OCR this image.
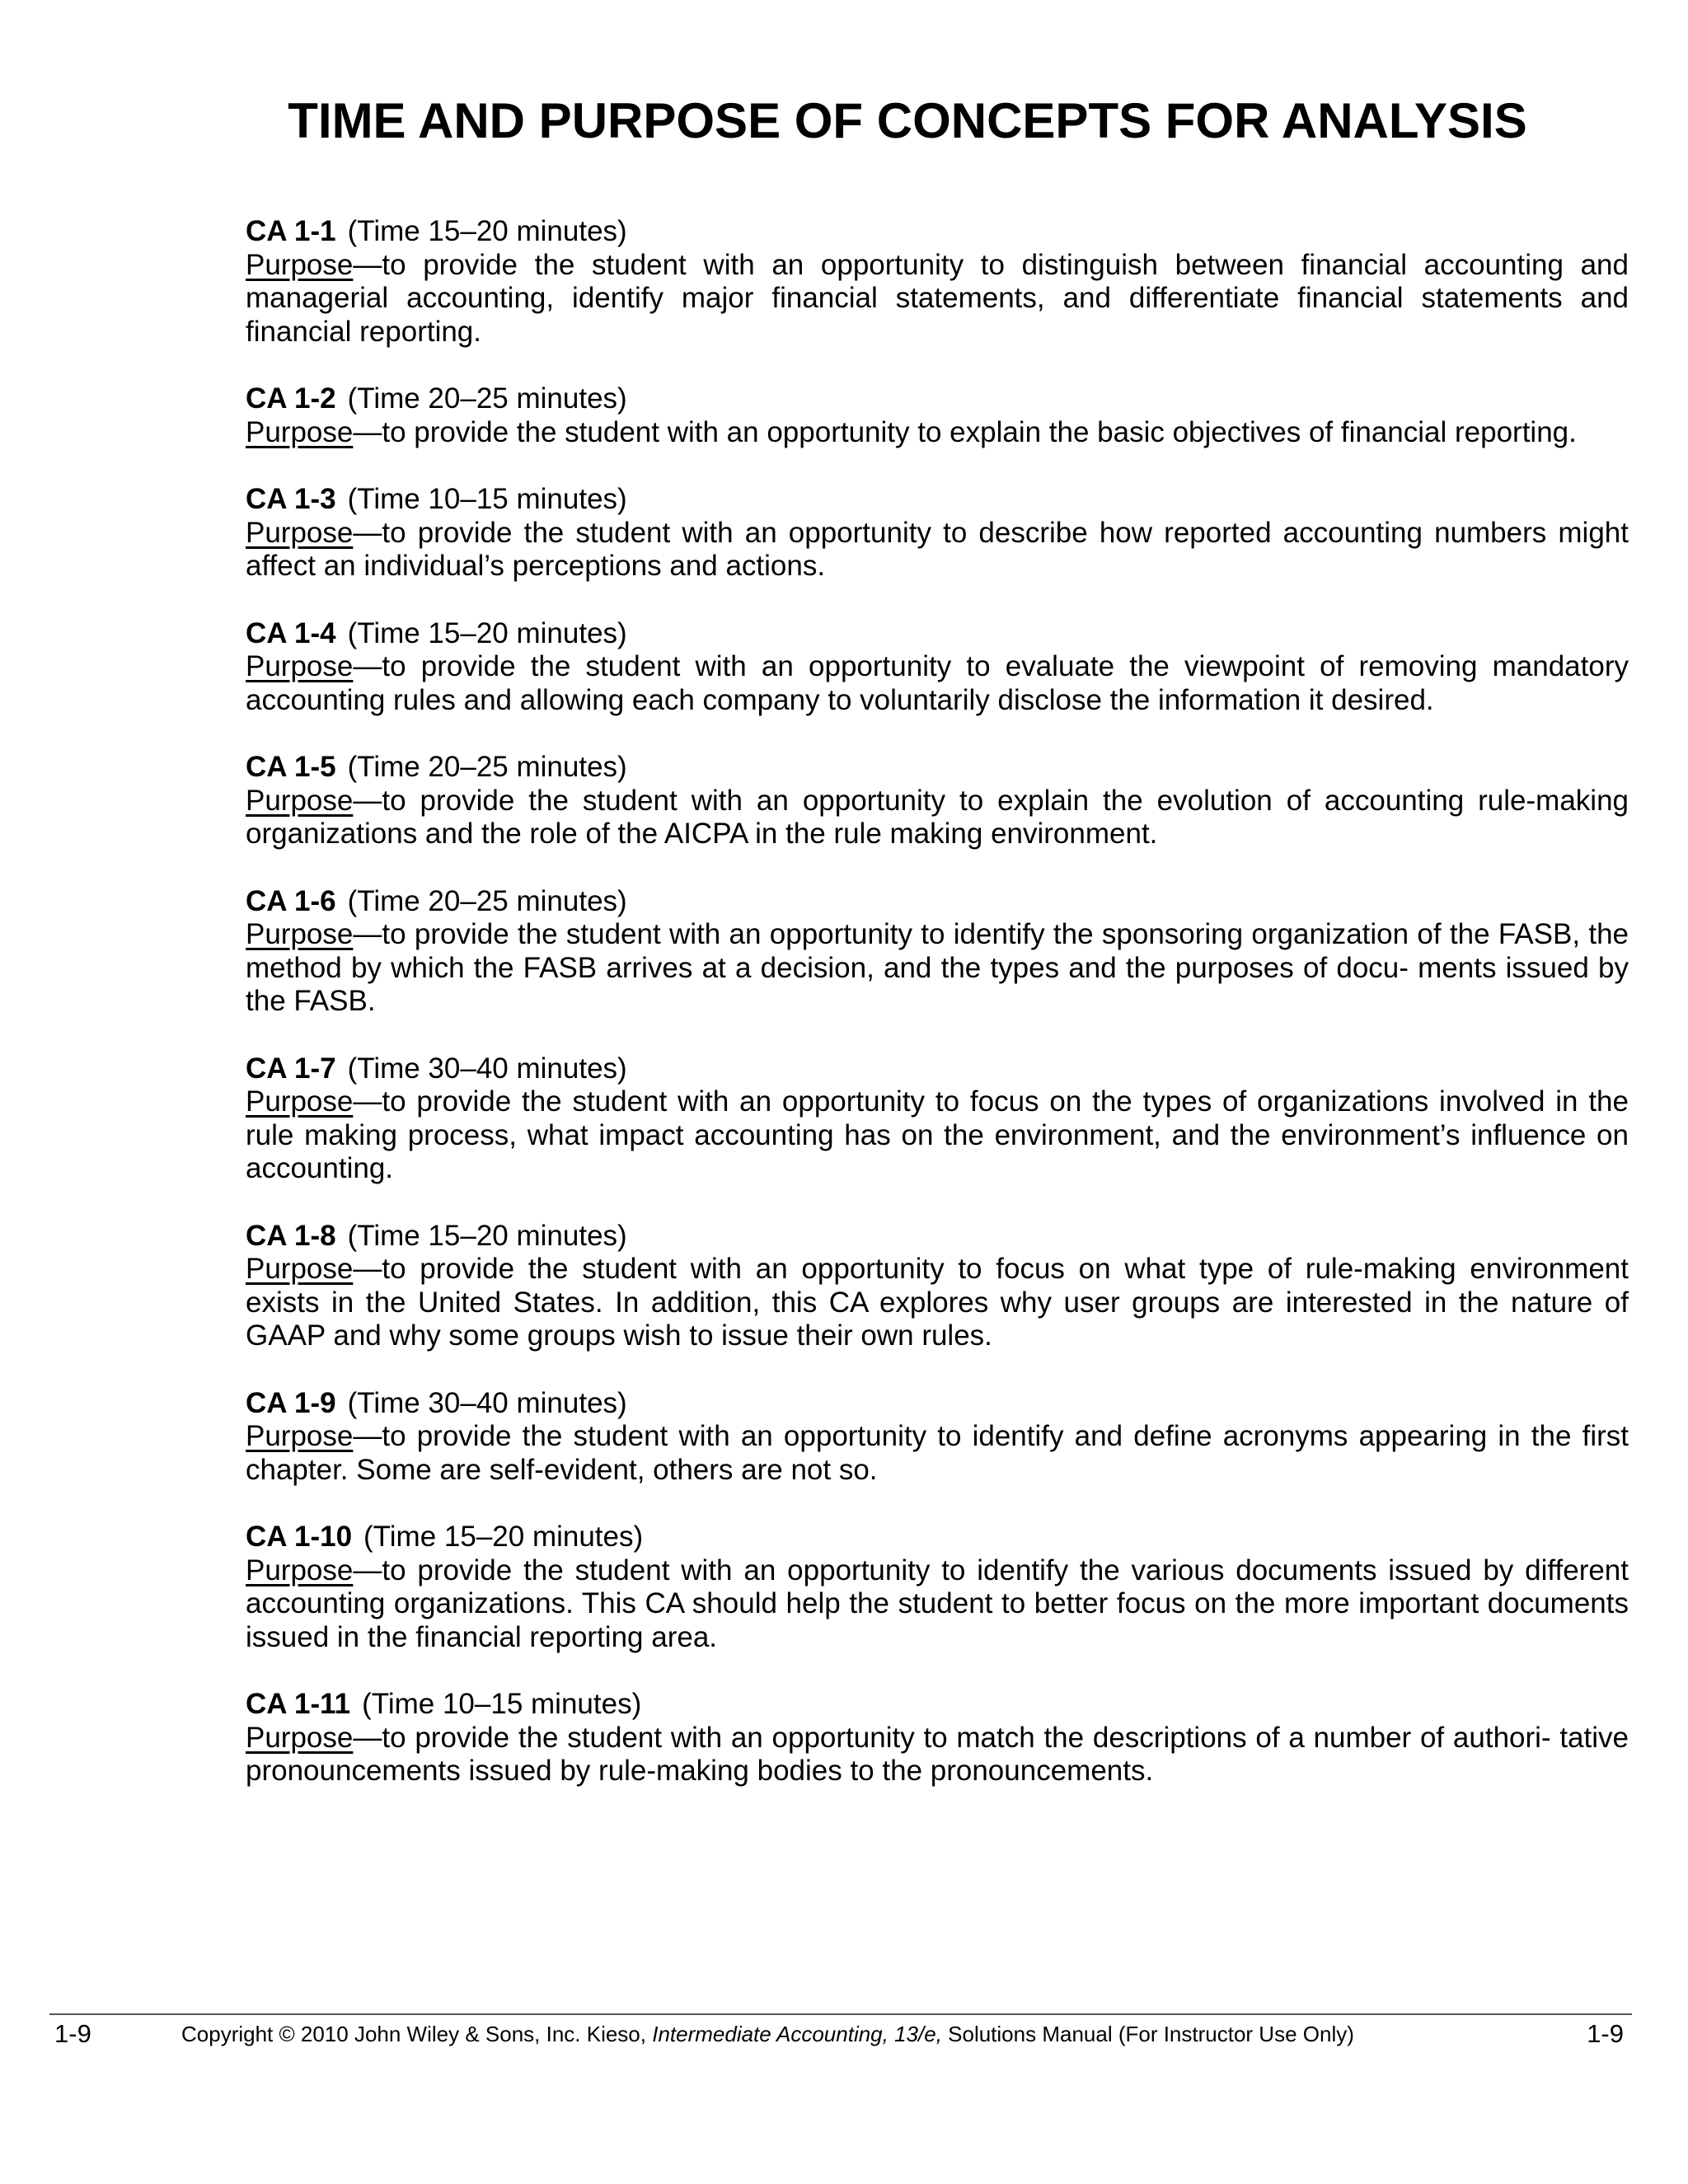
TIME AND PURPOSE OF CONCEPTS FOR ANALYSIS
CA 1-1 (Time 15–20 minutes)
Purpose—to provide the student with an opportunity to distinguish between financial accounting and managerial accounting, identify major financial statements, and differentiate financial statements and financial reporting.
CA 1-2 (Time 20–25 minutes)
Purpose—to provide the student with an opportunity to explain the basic objectives of financial reporting.
CA 1-3 (Time 10–15 minutes)
Purpose—to provide the student with an opportunity to describe how reported accounting numbers might affect an individual’s perceptions and actions.
CA 1-4 (Time 15–20 minutes)
Purpose—to provide the student with an opportunity to evaluate the viewpoint of removing mandatory accounting rules and allowing each company to voluntarily disclose the information it desired.
CA 1-5 (Time 20–25 minutes)
Purpose—to provide the student with an opportunity to explain the evolution of accounting rule-making organizations and the role of the AICPA in the rule making environment.
CA 1-6 (Time 20–25 minutes)
Purpose—to provide the student with an opportunity to identify the sponsoring organization of the FASB, the method by which the FASB arrives at a decision, and the types and the purposes of docu- ments issued by the FASB.
CA 1-7 (Time 30–40 minutes)
Purpose—to provide the student with an opportunity to focus on the types of organizations involved in the rule making process, what impact accounting has on the environment, and the environment’s influence on accounting.
CA 1-8 (Time 15–20 minutes)
Purpose—to provide the student with an opportunity to focus on what type of rule-making environment exists in the United States. In addition, this CA explores why user groups are interested in the nature of GAAP and why some groups wish to issue their own rules.
CA 1-9 (Time 30–40 minutes)
Purpose—to provide the student with an opportunity to identify and define acronyms appearing in the first chapter. Some are self-evident, others are not so.
CA 1-10 (Time 15–20 minutes)
Purpose—to provide the student with an opportunity to identify the various documents issued by different accounting organizations. This CA should help the student to better focus on the more important documents issued in the financial reporting area.
CA 1-11 (Time 10–15 minutes)
Purpose—to provide the student with an opportunity to match the descriptions of a number of authori- tative pronouncements issued by rule-making bodies to the pronouncements.
1-9	Copyright © 2010 John Wiley & Sons, Inc. Kieso, Intermediate Accounting, 13/e, Solutions Manual (For Instructor Use Only)	1-9
